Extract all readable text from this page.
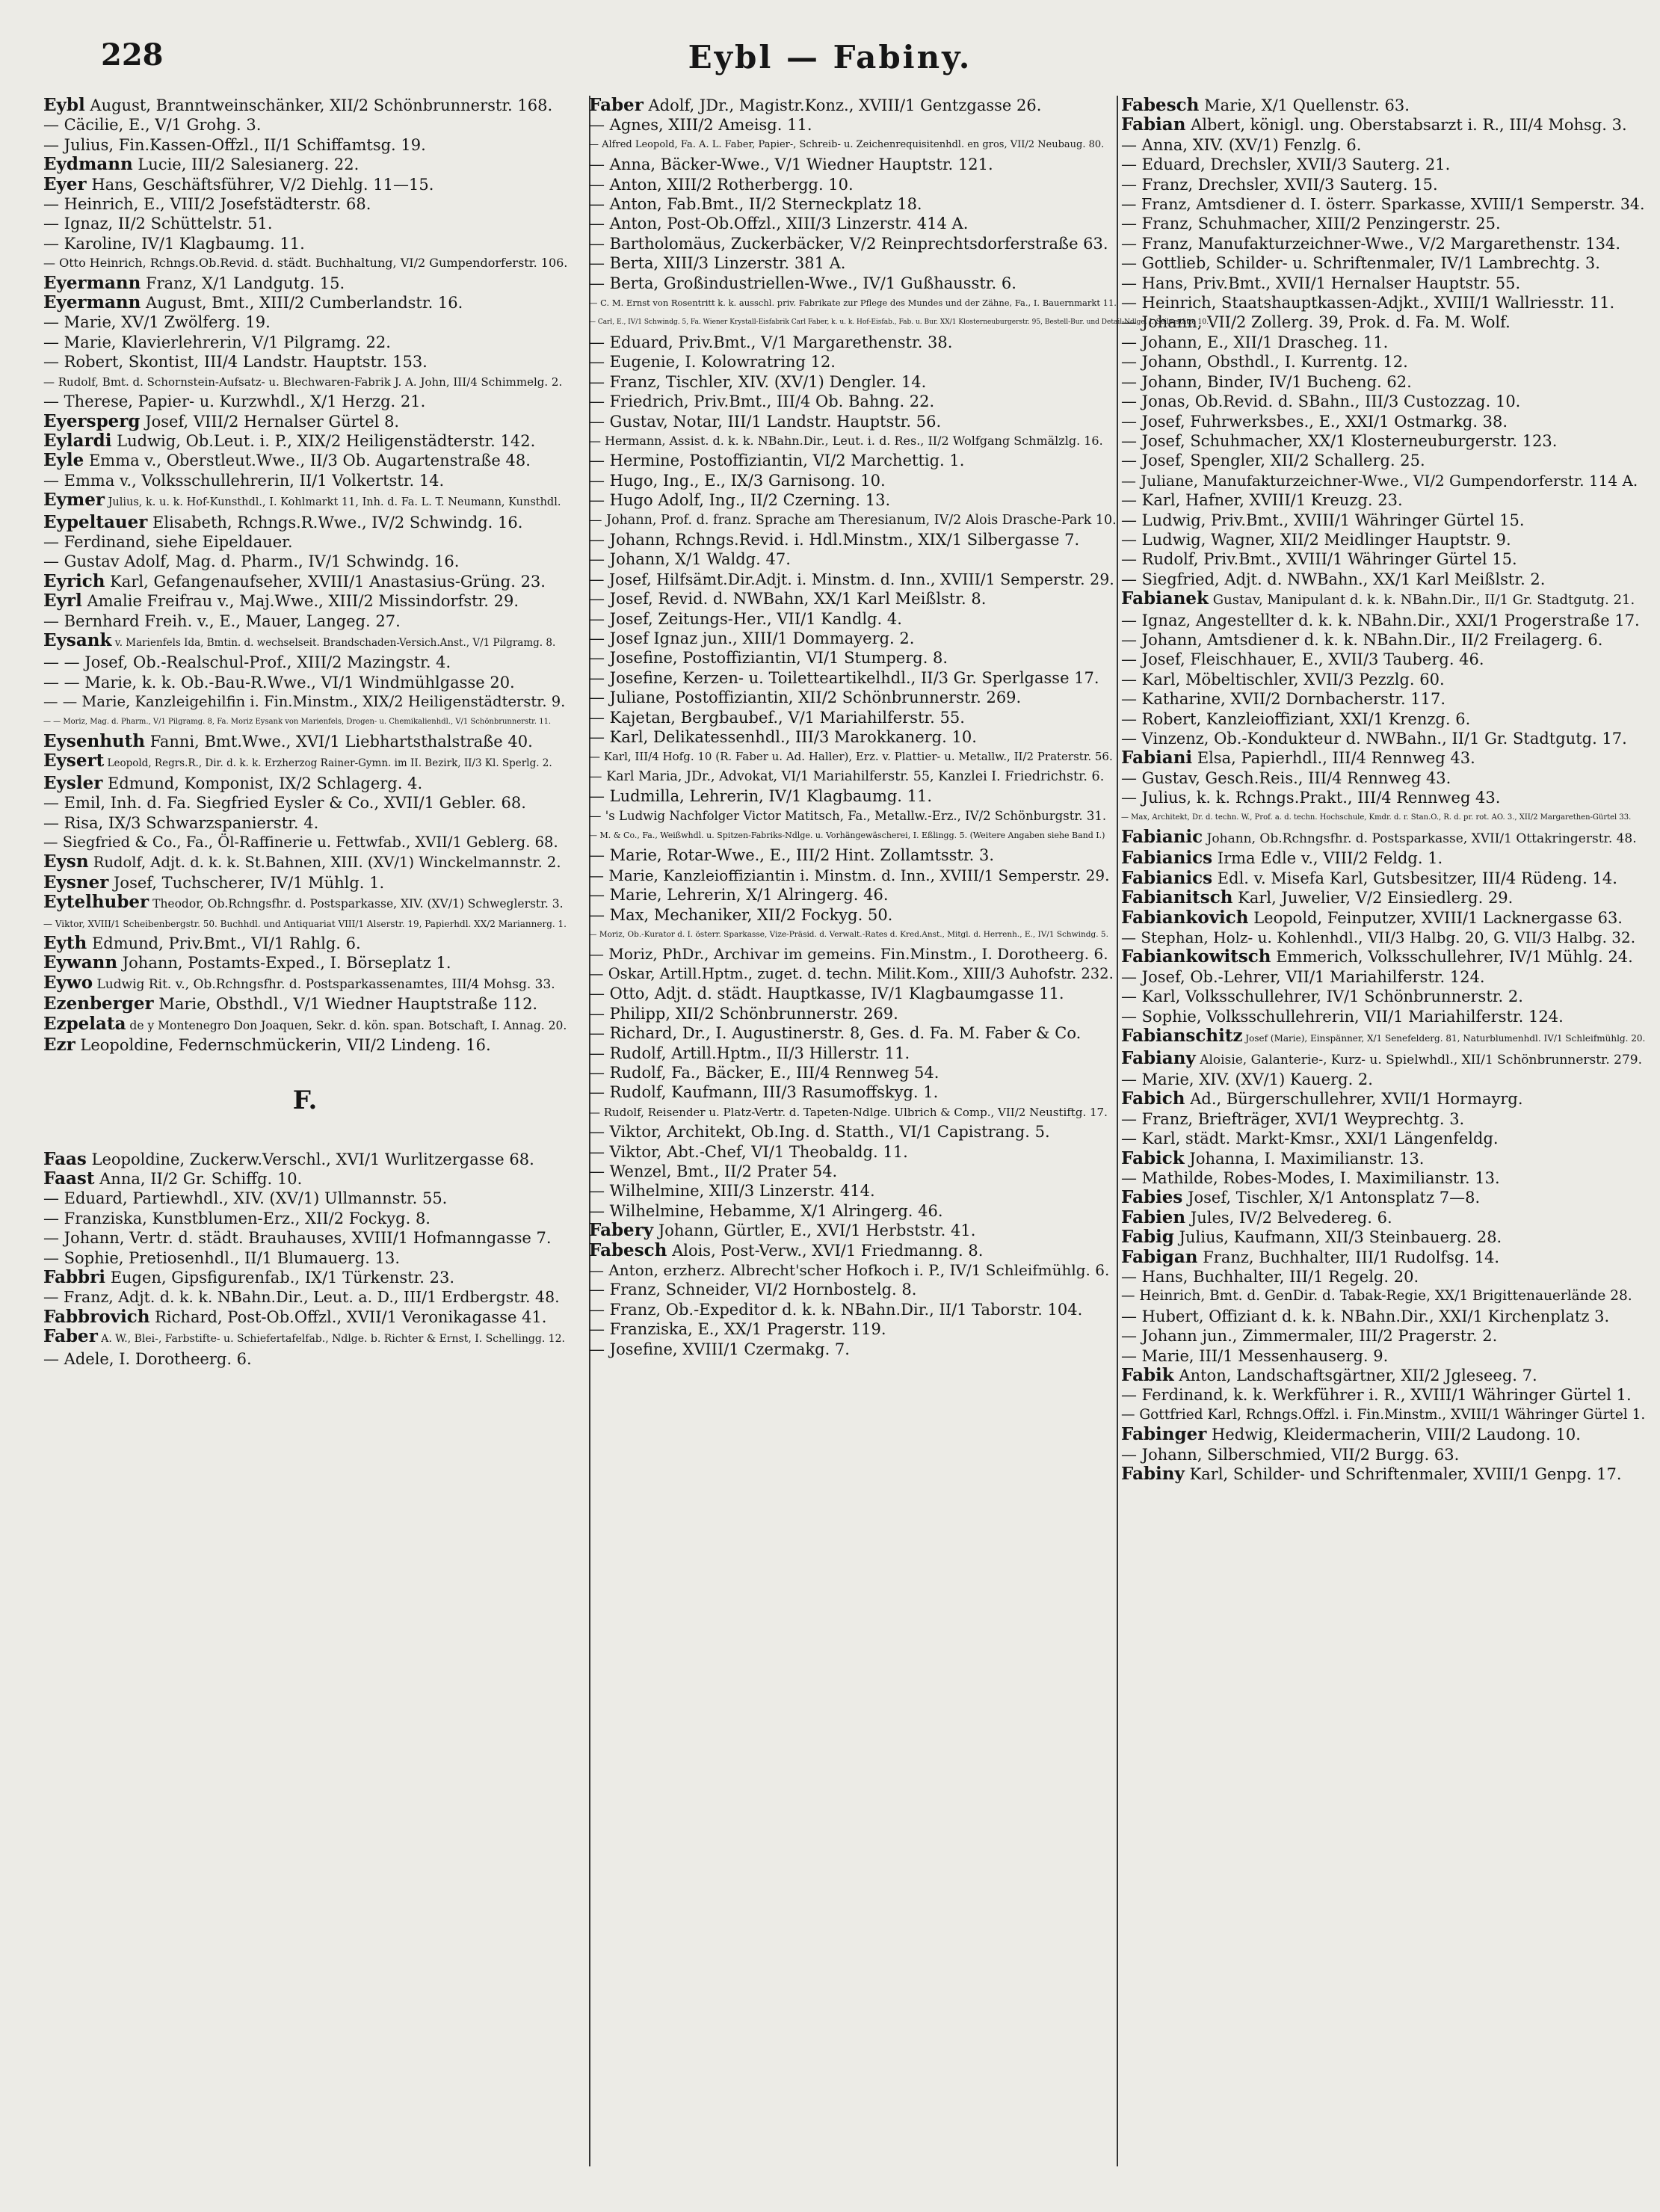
228	Eybl — Fabiny.

Eybl August, Branntweinschänker, XII/2 Schönbrunnerstr. 168.

— Cäcilie, E., V/1 Grohg. 3.

— Julius, Fin.Kassen-Offzl., II/1 Schiffamtsg. 19.

Eydmann Lucie, III/2 Salesianerg. 22.

Eyer Hans, Geschäftsführer, V/2 Diehlg. 11—15.

— Heinrich, E., VIII/2 Josefstädterstr. 68.

— Ignaz, II/2 Schüttelstr. 51.

— Karoline, IV/1 Klagbaumg. 11.

— Otto Heinrich, Rchngs.Ob.Revid. d. städt. Buchhaltung, VI/2 Gumpendorferstr. 106.

Eyermann Franz, X/1 Landgutg. 15.

Eyermann August, Bmt., XIII/2 Cumberlandstr. 16.

— Marie, XV/1 Zwölferg. 19.

— Marie, Klavierlehrerin, V/1 Pilgramg. 22.

— Robert, Skontist, III/4 Landstr. Hauptstr. 153.

— Rudolf, Bmt. d. Schornstein-Aufsatz- u. Blechwaren-Fabrik J. A. John, III/4 Schimmelg. 2.

— Therese, Papier- u. Kurzwhdl., X/1 Herzg. 21.

Eyersperg Josef, VIII/2 Hernalser Gürtel 8.

Eylardi Ludwig, Ob.Leut. i. P., XIX/2 Heiligenstädterstr. 142.

Eyle Emma v., Oberstleut.Wwe., II/3 Ob. Augartenstraße 48.

— Emma v., Volksschullehrerin, II/1 Volkertstr. 14.

Eymer Julius, k. u. k. Hof-Kunsthdl., I. Kohlmarkt 11, Inh. d. Fa. L. T. Neumann, Kunsthdl.

Eypeltauer Elisabeth, Rchngs.R.Wwe., IV/2 Schwindg. 16.

— Ferdinand, siehe Eipeldauer.

— Gustav Adolf, Mag. d. Pharm., IV/1 Schwindg. 16.

Eyrich Karl, Gefangenaufseher, XVIII/1 Anastasius-Grüng. 23.

Eyrl Amalie Freifrau v., Maj.Wwe., XIII/2 Missindorfstr. 29.

— Bernhard Freih. v., E., Mauer, Langeg. 27.

Eysank v. Marienfels Ida, Bmtin. d. wechselseit. Brandschaden-Versich.Anst., V/1 Pilgramg. 8.

— — Josef, Ob.-Realschul-Prof., XIII/2 Mazingstr. 4.

— — Marie, k. k. Ob.-Bau-R.Wwe., VI/1 Windmühlgasse 20.

— — Marie, Kanzleigehilfin i. Fin.Minstm., XIX/2 Heiligenstädterstr. 9.

— — Moriz, Mag. d. Pharm., V/1 Pilgramg. 8, Fa. Moriz Eysank von Marienfels, Drogen- u. Chemikalienhdl., V/1 Schönbrunnerstr. 11.

Eysenhuth Fanni, Bmt.Wwe., XVI/1 Liebhartsthalstraße 40.

Eysert Leopold, Regrs.R., Dir. d. k. k. Erzherzog Rainer-Gymn. im II. Bezirk, II/3 Kl. Sperlg. 2.

Eysler Edmund, Komponist, IX/2 Schlagerg. 4.

— Emil, Inh. d. Fa. Siegfried Eysler & Co., XVII/1 Gebler. 68.

— Risa, IX/3 Schwarzspanierstr. 4.

— Siegfried & Co., Fa., Öl-Raffinerie u. Fettwfab., XVII/1 Geblerg. 68.

Eysn Rudolf, Adjt. d. k. k. St.Bahnen, XIII. (XV/1) Winckelmannstr. 2.

Eysner Josef, Tuchscherer, IV/1 Mühlg. 1.

Eytelhuber Theodor, Ob.Rchngsfhr. d. Postsparkasse, XIV. (XV/1) Schweglerstr. 3.

— Viktor, XVIII/1 Scheibenbergstr. 50. Buchhdl. und Antiquariat VIII/1 Alserstr. 19, Papierhdl. XX/2 Mariannerg. 1.

Eyth Edmund, Priv.Bmt., VI/1 Rahlg. 6.

Eywann Johann, Postamts-Exped., I. Börseplatz 1.

Eywo Ludwig Rit. v., Ob.Rchngsfhr. d. Postsparkassenamtes, III/4 Mohsg. 33.

Ezenberger Marie, Obsthdl., V/1 Wiedner Hauptstraße 112.

Ezpelata de y Montenegro Don Joaquen, Sekr. d. kön. span. Botschaft, I. Annag. 20.

Ezr Leopoldine, Federnschmückerin, VII/2 Lindeng. 16.

F.

Faas Leopoldine, Zuckerw.Verschl., XVI/1 Wurlitzergasse 68.

Faast Anna, II/2 Gr. Schiffg. 10.

— Eduard, Partiewhdl., XIV. (XV/1) Ullmannstr. 55.

— Franziska, Kunstblumen-Erz., XII/2 Fockyg. 8.

— Johann, Vertr. d. städt. Brauhauses, XVIII/1 Hofmanngasse 7.

— Sophie, Pretiosenhdl., II/1 Blumauerg. 13.

Fabbri Eugen, Gipsfigurenfab., IX/1 Türkenstr. 23.

— Franz, Adjt. d. k. k. NBahn.Dir., Leut. a. D., III/1 Erdbergstr. 48.

Fabbrovich Richard, Post-Ob.Offzl., XVII/1 Veronikagasse 41.

Faber A. W., Blei-, Farbstifte- u. Schiefertafelfab., Ndlge. b. Richter & Ernst, I. Schellingg. 12.

— Adele, I. Dorotheerg. 6.

Faber Adolf, JDr., Magistr.Konz., XVIII/1 Gentzgasse 26.

— Agnes, XIII/2 Ameisg. 11.

— Alfred Leopold, Fa. A. L. Faber, Papier-, Schreib- u. Zeichenrequisitenhdl. en gros, VII/2 Neubaug. 80.

— Anna, Bäcker-Wwe., V/1 Wiedner Hauptstr. 121.

— Anton, XIII/2 Rotherbergg. 10.

— Anton, Fab.Bmt., II/2 Sterneckplatz 18.

— Anton, Post-Ob.Offzl., XIII/3 Linzerstr. 414 A.

— Bartholomäus, Zuckerbäcker, V/2 Reinprechtsdorferstraße 63.

— Berta, XIII/3 Linzerstr. 381 A.

— Berta, Großindustriellen-Wwe., IV/1 Gußhausstr. 6.

— C. M. Ernst von Rosentritt k. k. ausschl. priv. Fabrikate zur Pflege des Mundes und der Zähne, Fa., I. Bauernmarkt 11.

— Carl, E., IV/1 Schwindg. 5, Fa. Wiener Krystall-Eisfabrik Carl Faber, k. u. k. Hof-Eisfab., Fab. u. Bur. XX/1 Klosterneuburgerstr. 95, Bestell-Bur. und Detail-Ndlge. I. Seilerstätte 10.

— Eduard, Priv.Bmt., V/1 Margarethenstr. 38.

— Eugenie, I. Kolowratring 12.

— Franz, Tischler, XIV. (XV/1) Dengler. 14.

— Friedrich, Priv.Bmt., III/4 Ob. Bahng. 22.

— Gustav, Notar, III/1 Landstr. Hauptstr. 56.

— Hermann, Assist. d. k. k. NBahn.Dir., Leut. i. d. Res., II/2 Wolfgang Schmälzlg. 16.

— Hermine, Postoffiziantin, VI/2 Marchettig. 1.

— Hugo, Ing., E., IX/3 Garnisong. 10.

— Hugo Adolf, Ing., II/2 Czerning. 13.

— Johann, Prof. d. franz. Sprache am Theresianum, IV/2 Alois Drasche-Park 10.

— Johann, Rchngs.Revid. i. Hdl.Minstm., XIX/1 Silbergasse 7.

— Johann, X/1 Waldg. 47.

— Josef, Hilfsämt.Dir.Adjt. i. Minstm. d. Inn., XVIII/1 Semperstr. 29.

— Josef, Revid. d. NWBahn, XX/1 Karl Meißlstr. 8.

— Josef, Zeitungs-Her., VII/1 Kandlg. 4.

— Josef Ignaz jun., XIII/1 Dommayerg. 2.

— Josefine, Postoffiziantin, VI/1 Stumperg. 8.

— Josefine, Kerzen- u. Toiletteartikelhdl., II/3 Gr. Sperlgasse 17.

— Juliane, Postoffiziantin, XII/2 Schönbrunnerstr. 269.

— Kajetan, Bergbaubef., V/1 Mariahilferstr. 55.

— Karl, Delikatessenhdl., III/3 Marokkanerg. 10.

— Karl, III/4 Hofg. 10 (R. Faber u. Ad. Haller), Erz. v. Plattier- u. Metallw., II/2 Praterstr. 56.

— Karl Maria, JDr., Advokat, VI/1 Mariahilferstr. 55, Kanzlei I. Friedrichstr. 6.

— Ludmilla, Lehrerin, IV/1 Klagbaumg. 11.

— 's Ludwig Nachfolger Victor Matitsch, Fa., Metallw.-Erz., IV/2 Schönburgstr. 31.

— M. & Co., Fa., Weißwhdl. u. Spitzen-Fabriks-Ndlge. u. Vorhängewäscherei, I. Eßlingg. 5. (Weitere Angaben siehe Band I.)

— Marie, Rotar-Wwe., E., III/2 Hint. Zollamtsstr. 3.

— Marie, Kanzleioffiziantin i. Minstm. d. Inn., XVIII/1 Semperstr. 29.

— Marie, Lehrerin, X/1 Alringerg. 46.

— Max, Mechaniker, XII/2 Fockyg. 50.

— Moriz, Ob.-Kurator d. I. österr. Sparkasse, Vize-Präsid. d. Verwalt.-Rates d. Kred.Anst., Mitgl. d. Herrenh., E., IV/1 Schwindg. 5.

— Moriz, PhDr., Archivar im gemeins. Fin.Minstm., I. Dorotheerg. 6.

— Oskar, Artill.Hptm., zuget. d. techn. Milit.Kom., XIII/3 Auhofstr. 232.

— Otto, Adjt. d. städt. Hauptkasse, IV/1 Klagbaumgasse 11.

— Philipp, XII/2 Schönbrunnerstr. 269.

— Richard, Dr., I. Augustinerstr. 8, Ges. d. Fa. M. Faber & Co.

— Rudolf, Artill.Hptm., II/3 Hillerstr. 11.

— Rudolf, Fa., Bäcker, E., III/4 Rennweg 54.

— Rudolf, Kaufmann, III/3 Rasumoffskyg. 1.

— Rudolf, Reisender u. Platz-Vertr. d. Tapeten-Ndlge. Ulbrich & Comp., VII/2 Neustiftg. 17.

— Viktor, Architekt, Ob.Ing. d. Statth., VI/1 Capistrang. 5.

— Viktor, Abt.-Chef, VI/1 Theobaldg. 11.

— Wenzel, Bmt., II/2 Prater 54.

— Wilhelmine, XIII/3 Linzerstr. 414.

— Wilhelmine, Hebamme, X/1 Alringerg. 46.

Fabery Johann, Gürtler, E., XVI/1 Herbststr. 41.

Fabesch Alois, Post-Verw., XVI/1 Friedmanng. 8.

— Anton, erzherz. Albrecht'scher Hofkoch i. P., IV/1 Schleifmühlg. 6.

— Franz, Schneider, VI/2 Hornbostelg. 8.

— Franz, Ob.-Expeditor d. k. k. NBahn.Dir., II/1 Taborstr. 104.

— Franziska, E., XX/1 Pragerstr. 119.

— Josefine, XVIII/1 Czermakg. 7.

Fabesch Marie, X/1 Quellenstr. 63.

Fabian Albert, königl. ung. Oberstabsarzt i. R., III/4 Mohsg. 3.

— Anna, XIV. (XV/1) Fenzlg. 6.

— Eduard, Drechsler, XVII/3 Sauterg. 21.

— Franz, Drechsler, XVII/3 Sauterg. 15.

— Franz, Amtsdiener d. I. österr. Sparkasse, XVIII/1 Semperstr. 34.

— Franz, Schuhmacher, XIII/2 Penzingerstr. 25.

— Franz, Manufakturzeichner-Wwe., V/2 Margarethenstr. 134.

— Gottlieb, Schilder- u. Schriftenmaler, IV/1 Lambrechtg. 3.

— Hans, Priv.Bmt., XVII/1 Hernalser Hauptstr. 55.

— Heinrich, Staatshauptkassen-Adjkt., XVIII/1 Wallriesstr. 11.

— Johann, VII/2 Zollerg. 39, Prok. d. Fa. M. Wolf.

— Johann, E., XII/1 Drascheg. 11.

— Johann, Obsthdl., I. Kurrentg. 12.

— Johann, Binder, IV/1 Bucheng. 62.

— Jonas, Ob.Revid. d. SBahn., III/3 Custozzag. 10.

— Josef, Fuhrwerksbes., E., XXI/1 Ostmarkg. 38.

— Josef, Schuhmacher, XX/1 Klosterneuburgerstr. 123.

— Josef, Spengler, XII/2 Schallerg. 25.

— Juliane, Manufakturzeichner-Wwe., VI/2 Gumpendorferstr. 114 A.

— Karl, Hafner, XVIII/1 Kreuzg. 23.

— Ludwig, Priv.Bmt., XVIII/1 Währinger Gürtel 15.

— Ludwig, Wagner, XII/2 Meidlinger Hauptstr. 9.

— Rudolf, Priv.Bmt., XVIII/1 Währinger Gürtel 15.

— Siegfried, Adjt. d. NWBahn., XX/1 Karl Meißlstr. 2.

Fabianek Gustav, Manipulant d. k. k. NBahn.Dir., II/1 Gr. Stadtgutg. 21.

— Ignaz, Angestellter d. k. k. NBahn.Dir., XXI/1 Progerstraße 17.

— Johann, Amtsdiener d. k. k. NBahn.Dir., II/2 Freilagerg. 6.

— Josef, Fleischhauer, E., XVII/3 Tauberg. 46.

— Karl, Möbeltischler, XVII/3 Pezzlg. 60.

— Katharine, XVII/2 Dornbacherstr. 117.

— Robert, Kanzleioffiziant, XXI/1 Krenzg. 6.

— Vinzenz, Ob.-Kondukteur d. NWBahn., II/1 Gr. Stadtgutg. 17.

Fabiani Elsa, Papierhdl., III/4 Rennweg 43.

— Gustav, Gesch.Reis., III/4 Rennweg 43.

— Julius, k. k. Rchngs.Prakt., III/4 Rennweg 43.

— Max, Architekt, Dr. d. techn. W., Prof. a. d. techn. Hochschule, Kmdr. d. r. Stan.O., R. d. pr. rot. AO. 3., XII/2 Margarethen-Gürtel 33.

Fabianic Johann, Ob.Rchngsfhr. d. Postsparkasse, XVII/1 Ottakringerstr. 48.

Fabianics Irma Edle v., VIII/2 Feldg. 1.

Fabianics Edl. v. Misefa Karl, Gutsbesitzer, III/4 Rüdeng. 14.

Fabianitsch Karl, Juwelier, V/2 Einsiedlerg. 29.

Fabiankovich Leopold, Feinputzer, XVIII/1 Lacknergasse 63.

— Stephan, Holz- u. Kohlenhdl., VII/3 Halbg. 20, G. VII/3 Halbg. 32.

Fabiankowitsch Emmerich, Volksschullehrer, IV/1 Mühlg. 24.

— Josef, Ob.-Lehrer, VII/1 Mariahilferstr. 124.

— Karl, Volksschullehrer, IV/1 Schönbrunnerstr. 2.

— Sophie, Volksschullehrerin, VII/1 Mariahilferstr. 124.

Fabianschitz Josef (Marie), Einspänner, X/1 Senefelderg. 81, Naturblumenhdl. IV/1 Schleifmühlg. 20.

Fabiany Aloisie, Galanterie-, Kurz- u. Spielwhdl., XII/1 Schönbrunnerstr. 279.

— Marie, XIV. (XV/1) Kauerg. 2.

Fabich Ad., Bürgerschullehrer, XVII/1 Hormayrg.

— Franz, Briefträger, XVI/1 Weyprechtg. 3.

— Karl, städt. Markt-Kmsr., XXI/1 Längenfeldg.

Fabick Johanna, I. Maximilianstr. 13.

— Mathilde, Robes-Modes, I. Maximilianstr. 13.

Fabies Josef, Tischler, X/1 Antonsplatz 7—8.

Fabien Jules, IV/2 Belvedereg. 6.

Fabig Julius, Kaufmann, XII/3 Steinbauerg. 28.

Fabigan Franz, Buchhalter, III/1 Rudolfsg. 14.

— Hans, Buchhalter, III/1 Regelg. 20.

— Heinrich, Bmt. d. GenDir. d. Tabak-Regie, XX/1 Brigittenauerlände 28.

— Hubert, Offiziant d. k. k. NBahn.Dir., XXI/1 Kirchenplatz 3.

— Johann jun., Zimmermaler, III/2 Pragerstr. 2.

— Marie, III/1 Messenhauserg. 9.

Fabik Anton, Landschaftsgärtner, XII/2 Jgleseeg. 7.

— Ferdinand, k. k. Werkführer i. R., XVIII/1 Währinger Gürtel 1.

— Gottfried Karl, Rchngs.Offzl. i. Fin.Minstm., XVIII/1 Währinger Gürtel 1.

Fabinger Hedwig, Kleidermacherin, VIII/2 Laudong. 10.

— Johann, Silberschmied, VII/2 Burgg. 63.

Fabiny Karl, Schilder- und Schriftenmaler, XVIII/1 Genpg. 17.
